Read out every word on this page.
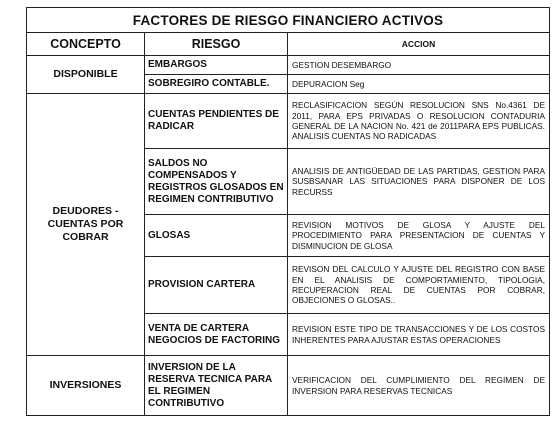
FACTORES DE RIESGO FINANCIERO ACTIVOS		
CONCEPTO	RIESGO	ACCION
DISPONIBLE	EMBARGOS	GESTION DESEMBARGO
	SOBREGIRO CONTABLE.	DEPURACION Seg
DEUDORES - CUENTAS POR COBRAR	CUENTAS PENDIENTES DE RADICAR	RECLASIFICACION SEGÚN RESOLUCION SNS No.4361 DE 2011, PARA EPS PRIVADAS O RESOLUCION CONTADURIA GENERAL DE LA NACION No. 421 de 2011PARA EPS PUBLICAS. ANALISIS CUENTAS NO RADICADAS
	SALDOS NO COMPENSADOS Y REGISTROS GLOSADOS EN REGIMEN CONTRIBUTIVO	ANALISIS DE ANTIGÜEDAD DE LAS PARTIDAS, GESTION PARA SUSBSANAR LAS SITUACIONES PARA DISPONER DE LOS RECURSS
	GLOSAS	REVISION MOTIVOS DE GLOSA Y AJUSTE DEL PROCEDIMIENTO PARA PRESENTACION DE CUENTAS Y DISMINUCION DE GLOSA
	PROVISION CARTERA	REVISON DEL CALCULO Y AJUSTE DEL REGISTRO CON BASE EN EL ANALISIS DE COMPORTAMIENTO, TIPOLOGIA, RECUPERACION REAL DE CUENTAS POR COBRAR, OBJECIONES O GLOSAS..
	VENTA DE CARTERA NEGOCIOS DE FACTORING	REVISION ESTE TIPO DE TRANSACCIONES Y DE LOS COSTOS INHERENTES PARA AJUSTAR ESTAS OPERACIONES
INVERSIONES	INVERSION DE LA RESERVA TECNICA PARA EL REGIMEN CONTRIBUTIVO	VERIFICACION DEL CUMPLIMIENTO DEL REGIMEN DE INVERSION PARA RESERVAS TECNICAS
